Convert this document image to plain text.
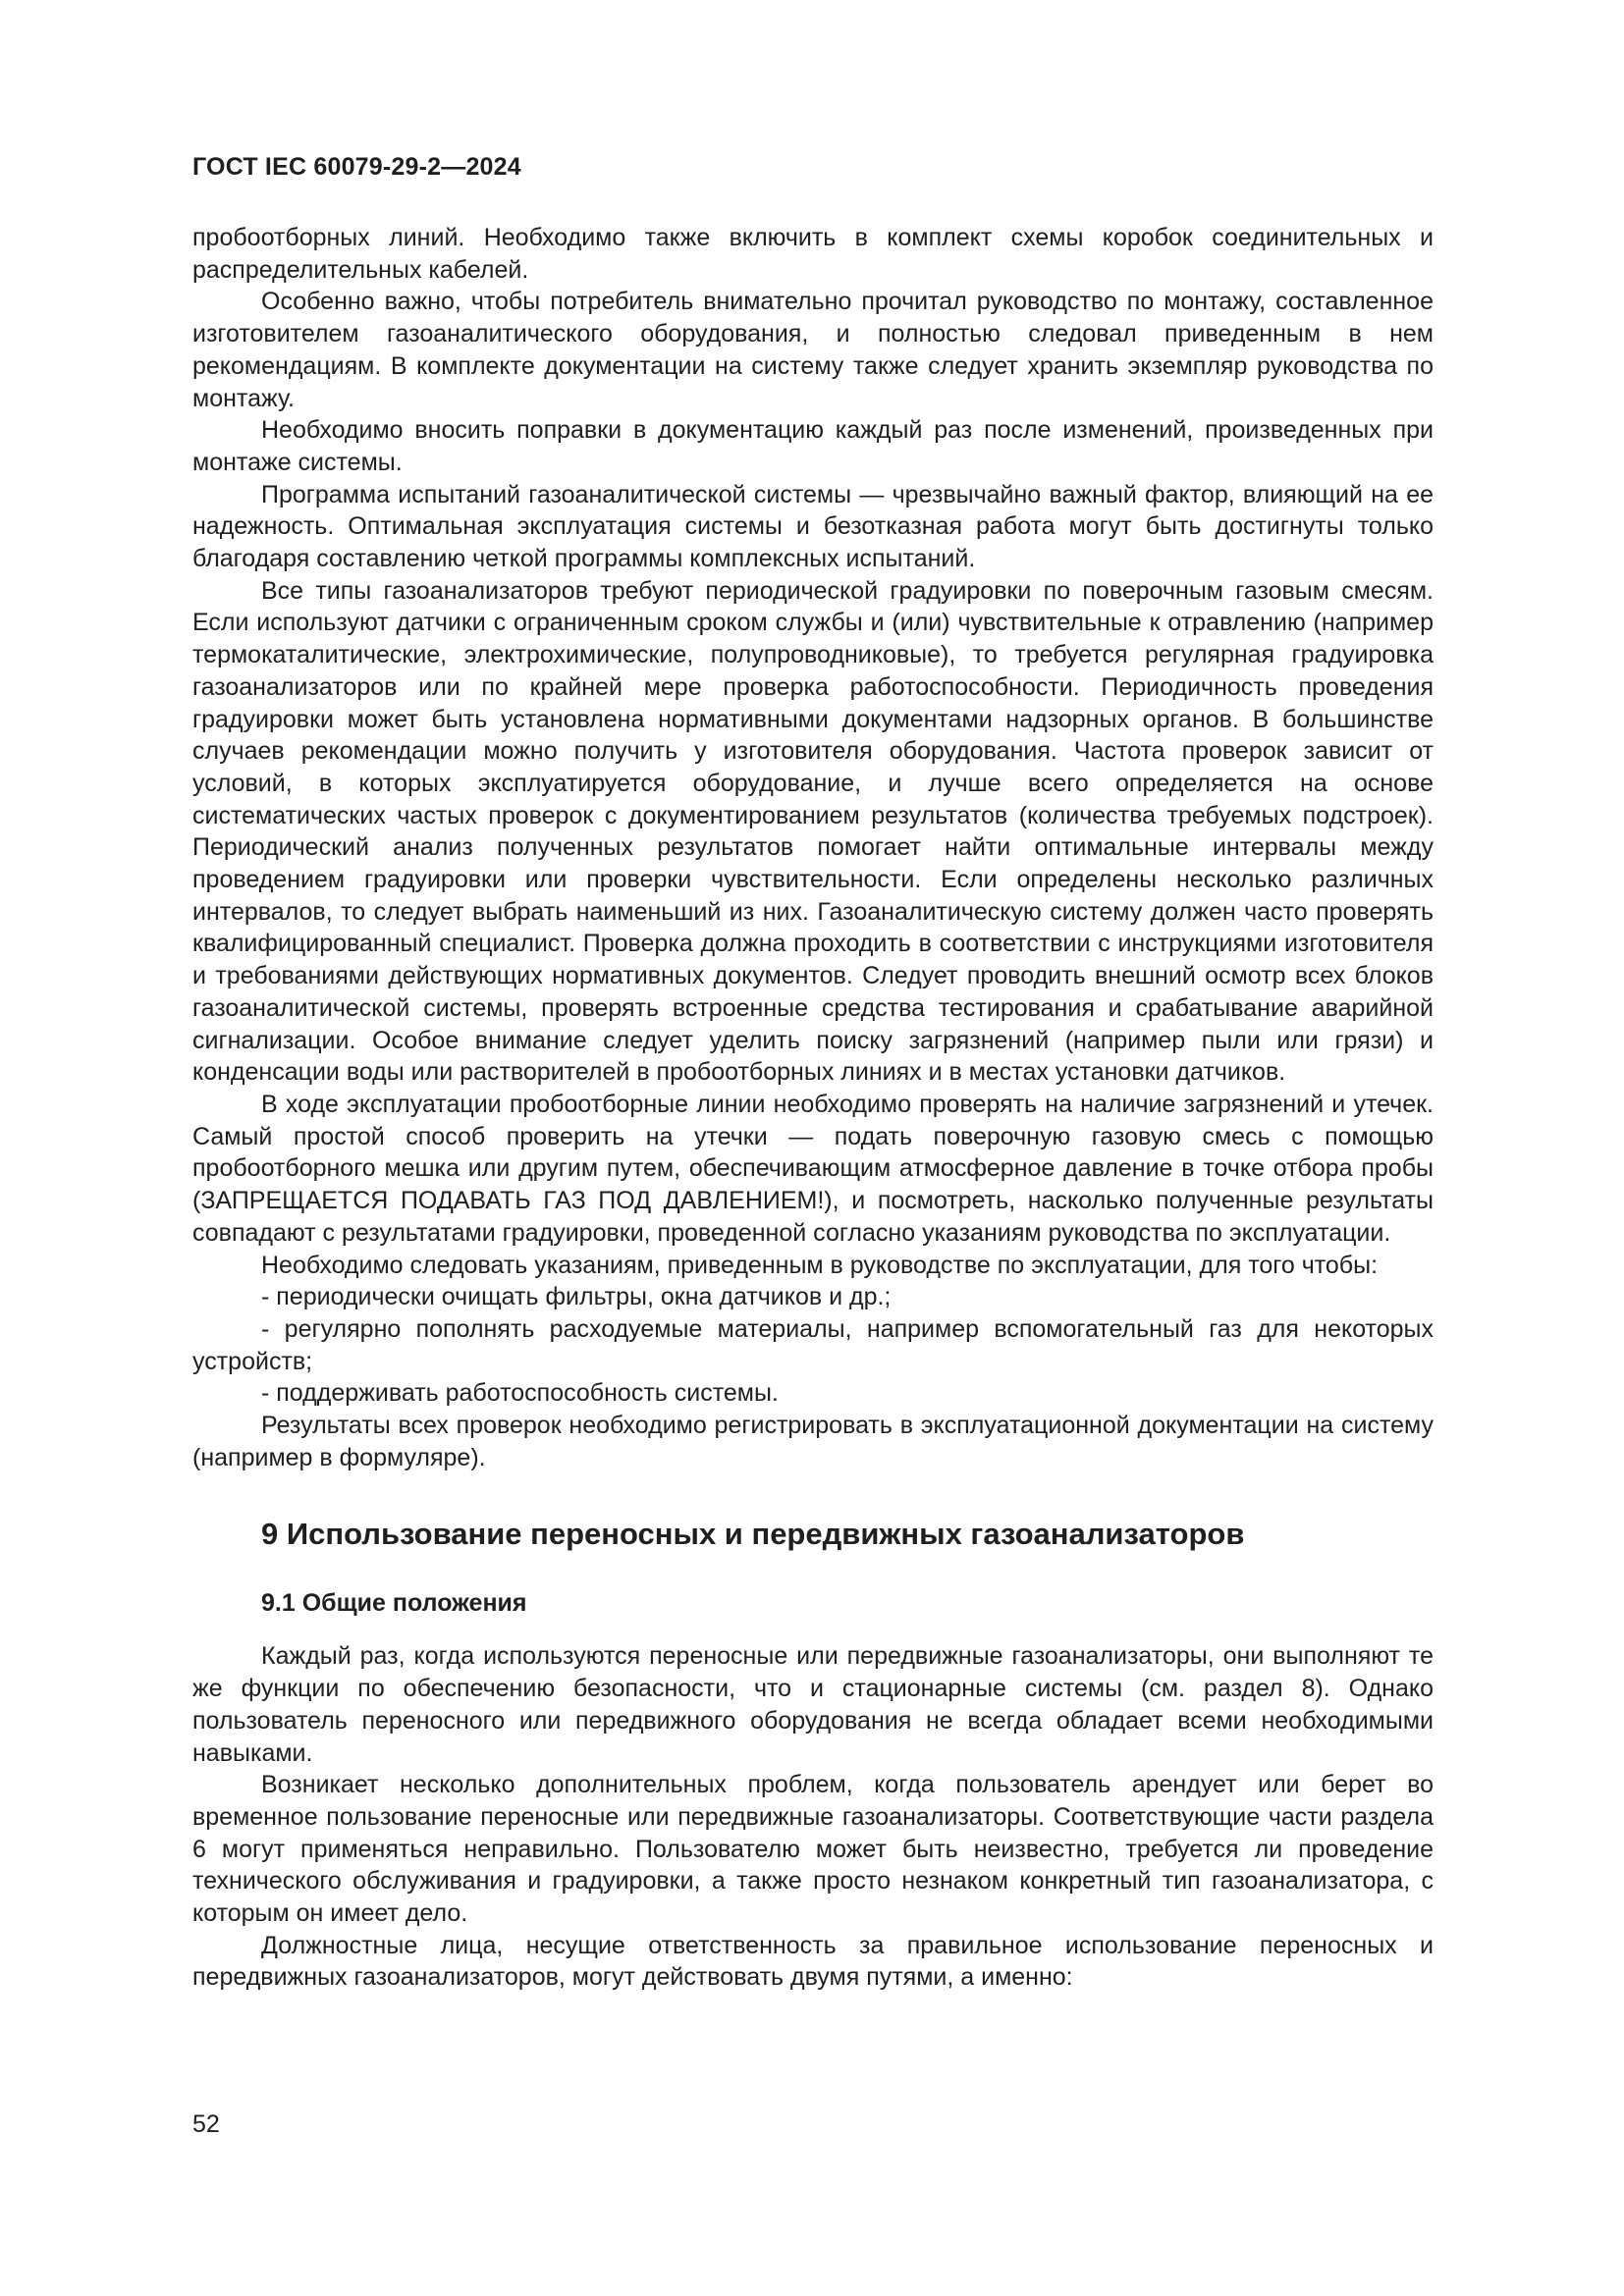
ГОСТ IEC 60079-29-2—2024

пробоотборных линий. Необходимо также включить в комплект схемы коробок соединительных и распределительных кабелей.

Особенно важно, чтобы потребитель внимательно прочитал руководство по монтажу, составленное изготовителем газоаналитического оборудования, и полностью следовал приведенным в нем рекомендациям. В комплекте документации на систему также следует хранить экземпляр руководства по монтажу.

Необходимо вносить поправки в документацию каждый раз после изменений, произведенных при монтаже системы.

Программа испытаний газоаналитической системы — чрезвычайно важный фактор, влияющий на ее надежность. Оптимальная эксплуатация системы и безотказная работа могут быть достигнуты только благодаря составлению четкой программы комплексных испытаний.

Все типы газоанализаторов требуют периодической градуировки по поверочным газовым смесям. Если используют датчики с ограниченным сроком службы и (или) чувствительные к отравлению (например термокаталитические, электрохимические, полупроводниковые), то требуется регулярная градуировка газоанализаторов или по крайней мере проверка работоспособности. Периодичность проведения градуировки может быть установлена нормативными документами надзорных органов. В большинстве случаев рекомендации можно получить у изготовителя оборудования. Частота проверок зависит от условий, в которых эксплуатируется оборудование, и лучше всего определяется на основе систематических частых проверок с документированием результатов (количества требуемых подстроек). Периодический анализ полученных результатов помогает найти оптимальные интервалы между проведением градуировки или проверки чувствительности. Если определены несколько различных интервалов, то следует выбрать наименьший из них. Газоаналитическую систему должен часто проверять квалифицированный специалист. Проверка должна проходить в соответствии с инструкциями изготовителя и требованиями действующих нормативных документов. Следует проводить внешний осмотр всех блоков газоаналитической системы, проверять встроенные средства тестирования и срабатывание аварийной сигнализации. Особое внимание следует уделить поиску загрязнений (например пыли или грязи) и конденсации воды или растворителей в пробоотборных линиях и в местах установки датчиков.

В ходе эксплуатации пробоотборные линии необходимо проверять на наличие загрязнений и утечек. Самый простой способ проверить на утечки — подать поверочную газовую смесь с помощью пробоотборного мешка или другим путем, обеспечивающим атмосферное давление в точке отбора пробы (ЗАПРЕЩАЕТСЯ ПОДАВАТЬ ГАЗ ПОД ДАВЛЕНИЕМ!), и посмотреть, насколько полученные результаты совпадают с результатами градуировки, проведенной согласно указаниям руководства по эксплуатации.

Необходимо следовать указаниям, приведенным в руководстве по эксплуатации, для того чтобы:

- периодически очищать фильтры, окна датчиков и др.;

- регулярно пополнять расходуемые материалы, например вспомогательный газ для некоторых устройств;

- поддерживать работоспособность системы.

Результаты всех проверок необходимо регистрировать в эксплуатационной документации на систему (например в формуляре).

9 Использование переносных и передвижных газоанализаторов
9.1 Общие положения

Каждый раз, когда используются переносные или передвижные газоанализаторы, они выполняют те же функции по обеспечению безопасности, что и стационарные системы (см. раздел 8). Однако пользователь переносного или передвижного оборудования не всегда обладает всеми необходимыми навыками.

Возникает несколько дополнительных проблем, когда пользователь арендует или берет во временное пользование переносные или передвижные газоанализаторы. Соответствующие части раздела 6 могут применяться неправильно. Пользователю может быть неизвестно, требуется ли проведение технического обслуживания и градуировки, а также просто незнаком конкретный тип газоанализатора, с которым он имеет дело.

Должностные лица, несущие ответственность за правильное использование переносных и передвижных газоанализаторов, могут действовать двумя путями, а именно:

52
